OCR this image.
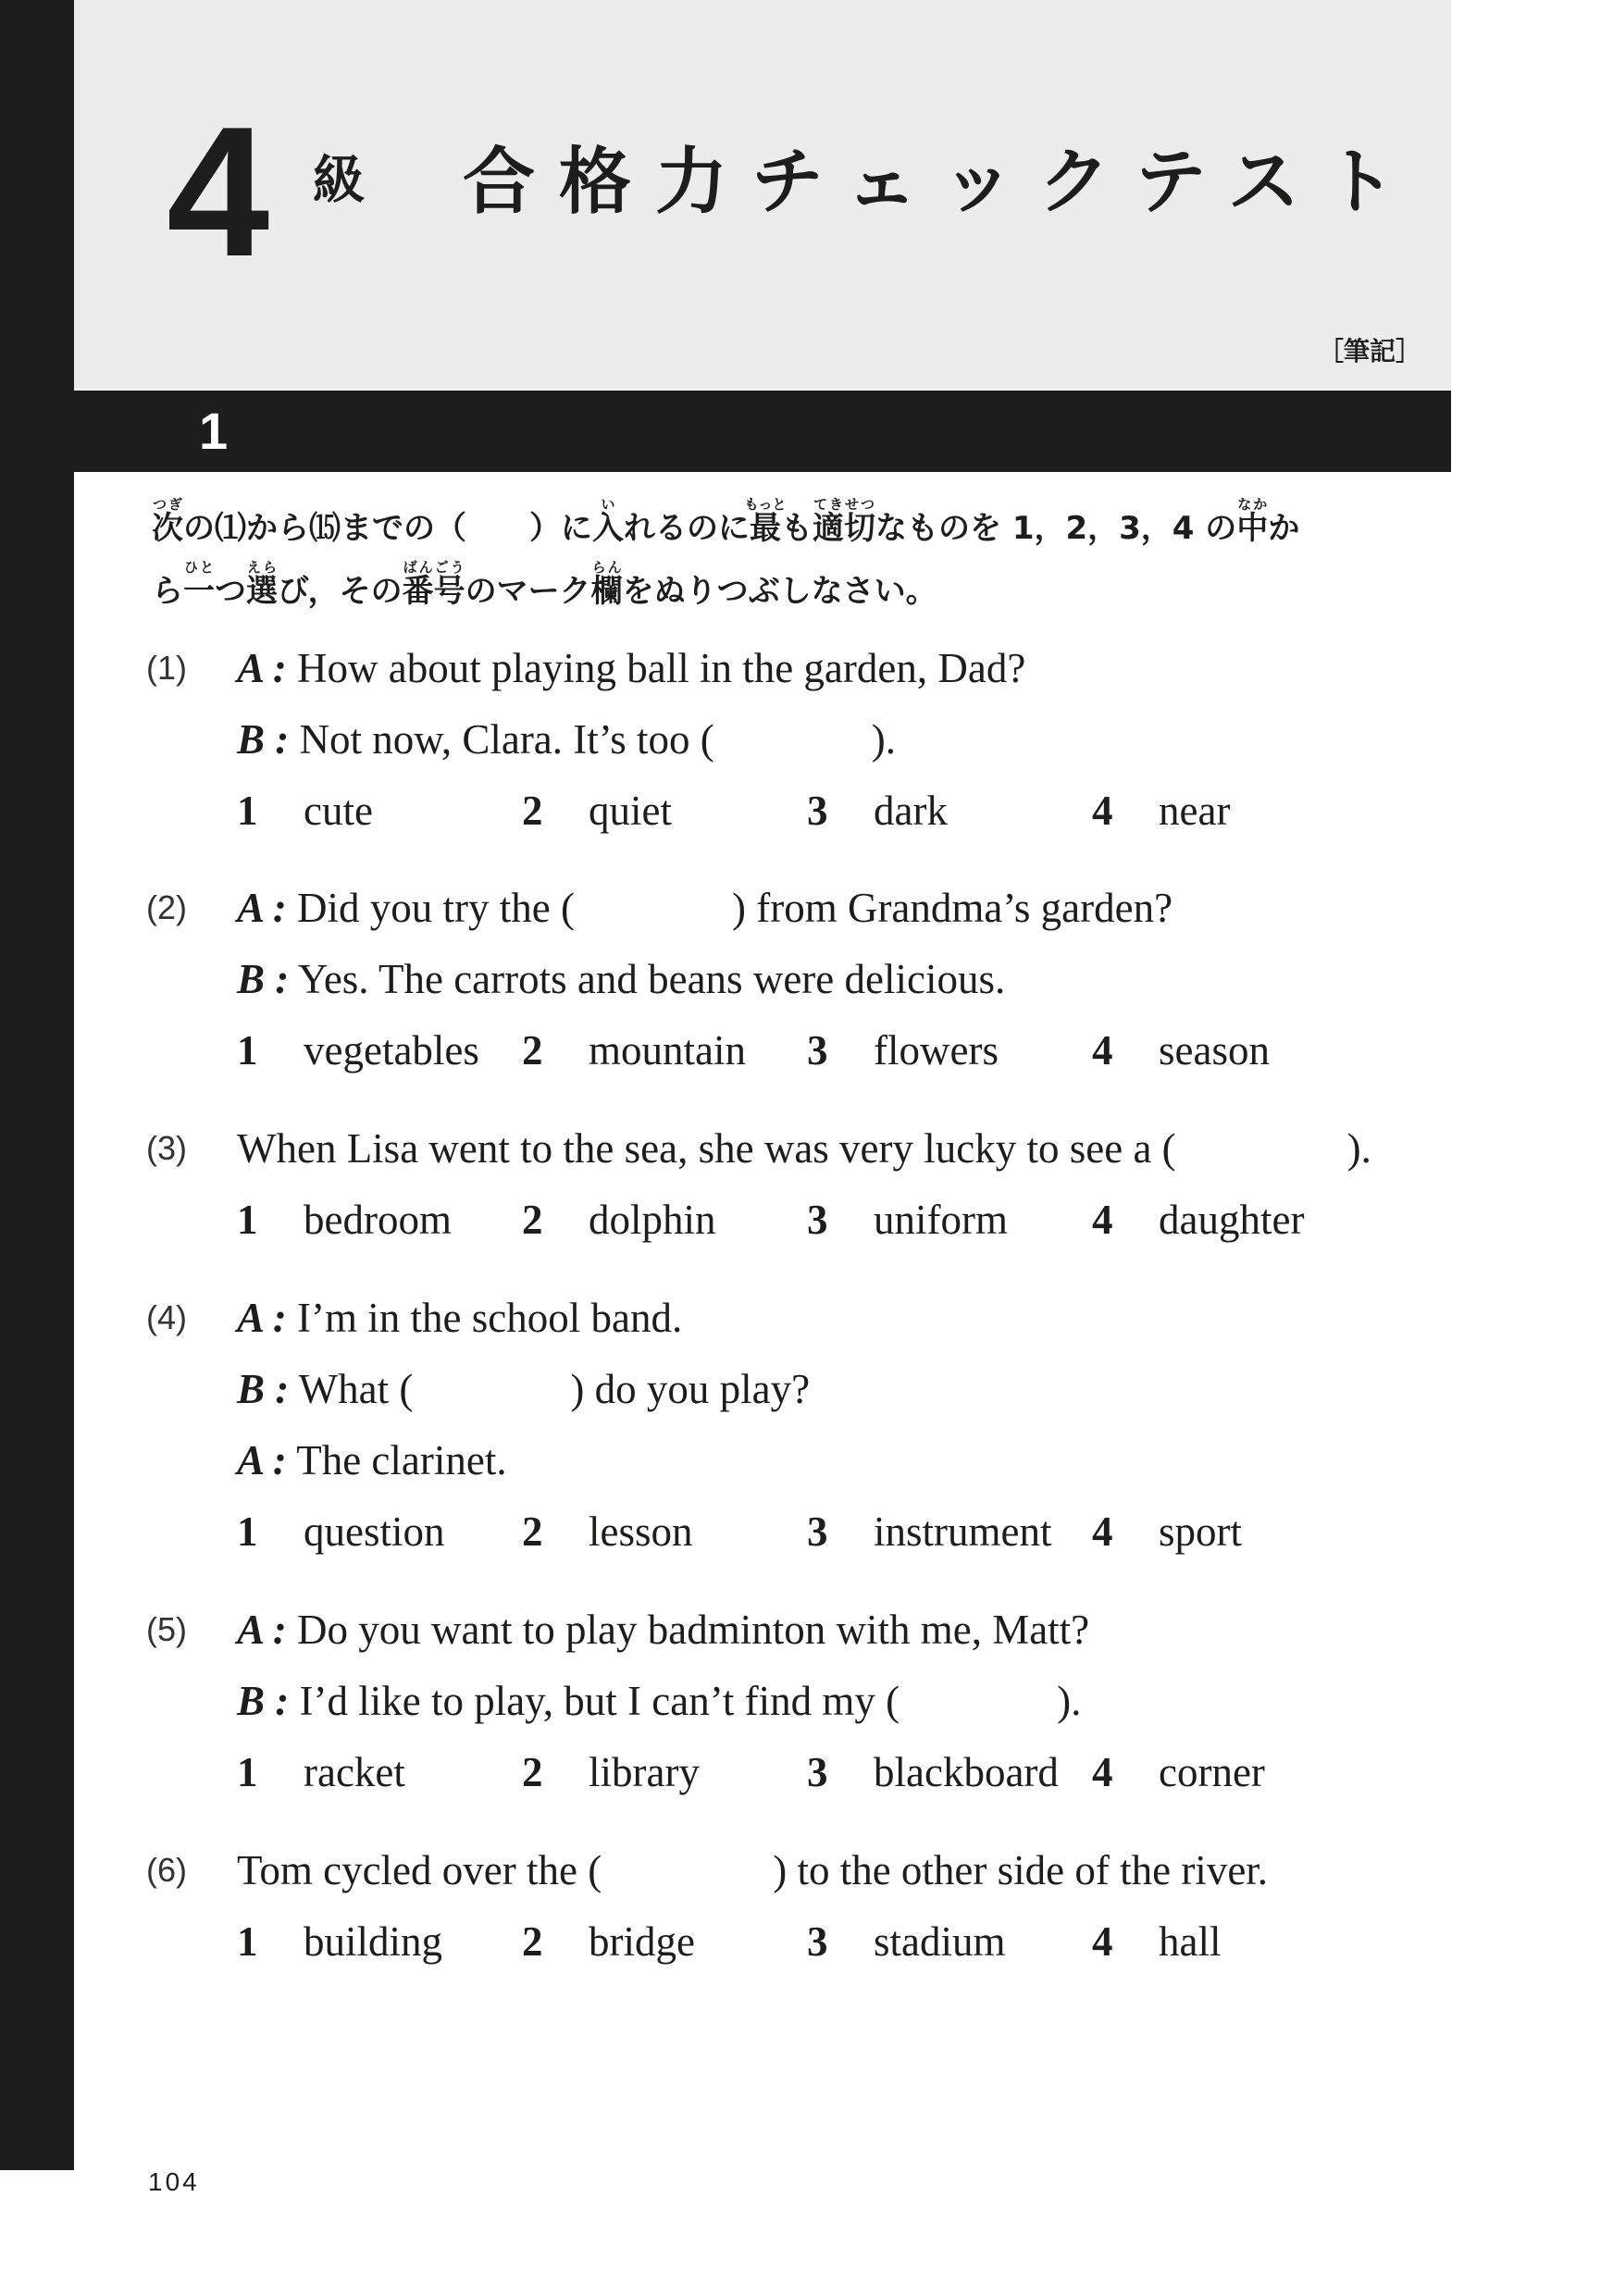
4 級 合格力チェックテスト
［筆記］
1
次つぎの⑴から⒂までの（　　）に入いれるのに最もっとも適切てきせつなものを 1，2，3，4 の中なかか
ら一ひとつ選えらび，その番号ばんごうのマーク欄らんをぬりつぶしなさい。
(1) A : How about playing ball in the garden, Dad?
B : Not now, Clara. It’s too (	).
1 cute	2 quiet	3 dark	4 near
(2) A : Did you try the (	) from Grandma’s garden?
B : Yes. The carrots and beans were delicious.
1 vegetables 2 mountain 3 flowers 4 season
(3) When Lisa went to the sea, she was very lucky to see a (	).
1 bedroom 2 dolphin 3 uniform 4 daughter
(4) A : I’m in the school band.
B : What (	) do you play?
A : The clarinet.
1 question 2 lesson	3 instrument 4 sport
(5) A : Do you want to play badminton with me, Matt?
B : I’d like to play, but I can’t find my (	).
1 racket	2 library	3 blackboard 4 corner
(6) Tom cycled over the (	) to the other side of the river.
1 building 2 bridge	3 stadium 4 hall
104
